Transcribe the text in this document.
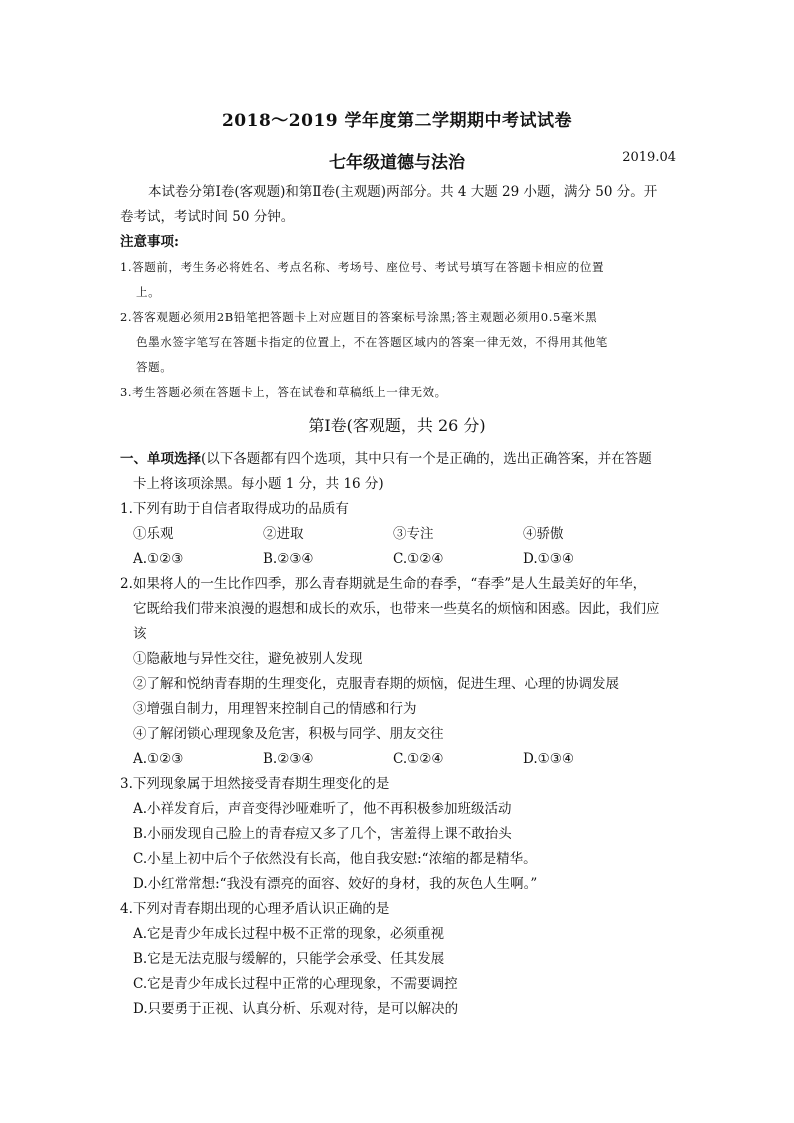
2018～2019 学年度第二学期期中考试试卷
七年级道德与法治	2019.04
本试卷分第Ⅰ卷(客观题)和第Ⅱ卷(主观题)两部分。共 4 大题 29 小题，满分 50 分。开
卷考试，考试时间 50 分钟。
注意事项:
1.答题前，考生务必将姓名、考点名称、考场号、座位号、考试号填写在答题卡相应的位置
上。
2.答客观题必须用2B铅笔把答题卡上对应题目的答案标号涂黑;答主观题必须用0.5毫米黑
色墨水签字笔写在答题卡指定的位置上，不在答题区域内的答案一律无效，不得用其他笔
答题。
3.考生答题必须在答题卡上，答在试卷和草稿纸上一律无效。
第Ⅰ卷(客观题，共 26 分)
一、单项选择(以下各题都有四个选项，其中只有一个是正确的，选出正确答案，并在答题
卡上将该项涂黑。每小题 1 分，共 16 分)
1.下列有助于自信者取得成功的品质有
①乐观	②进取	③专注	④骄傲
A.①②③	B.②③④	C.①②④	D.①③④
2.如果将人的一生比作四季，那么青春期就是生命的春季，“春季”是人生最美好的年华，
它既给我们带来浪漫的遐想和成长的欢乐，也带来一些莫名的烦恼和困惑。因此，我们应
该
①隐蔽地与异性交往，避免被别人发现
②了解和悦纳青春期的生理变化，克服青春期的烦恼，促进生理、心理的协调发展
③增强自制力，用理智来控制自己的情感和行为
④了解闭锁心理现象及危害，积极与同学、朋友交往
A.①②③	B.②③④	C.①②④	D.①③④
3.下列现象属于坦然接受青春期生理变化的是
A.小祥发育后，声音变得沙哑难听了，他不再积极参加班级活动
B.小丽发现自己脸上的青春痘又多了几个，害羞得上课不敢抬头
C.小星上初中后个子依然没有长高，他自我安慰:“浓缩的都是精华。
D.小红常常想:“我没有漂亮的面容、姣好的身材，我的灰色人生啊。”
4.下列对青春期出现的心理矛盾认识正确的是
A.它是青少年成长过程中极不正常的现象，必须重视
B.它是无法克服与缓解的，只能学会承受、任其发展
C.它是青少年成长过程中正常的心理现象，不需要调控
D.只要勇于正视、认真分析、乐观对待，是可以解决的
